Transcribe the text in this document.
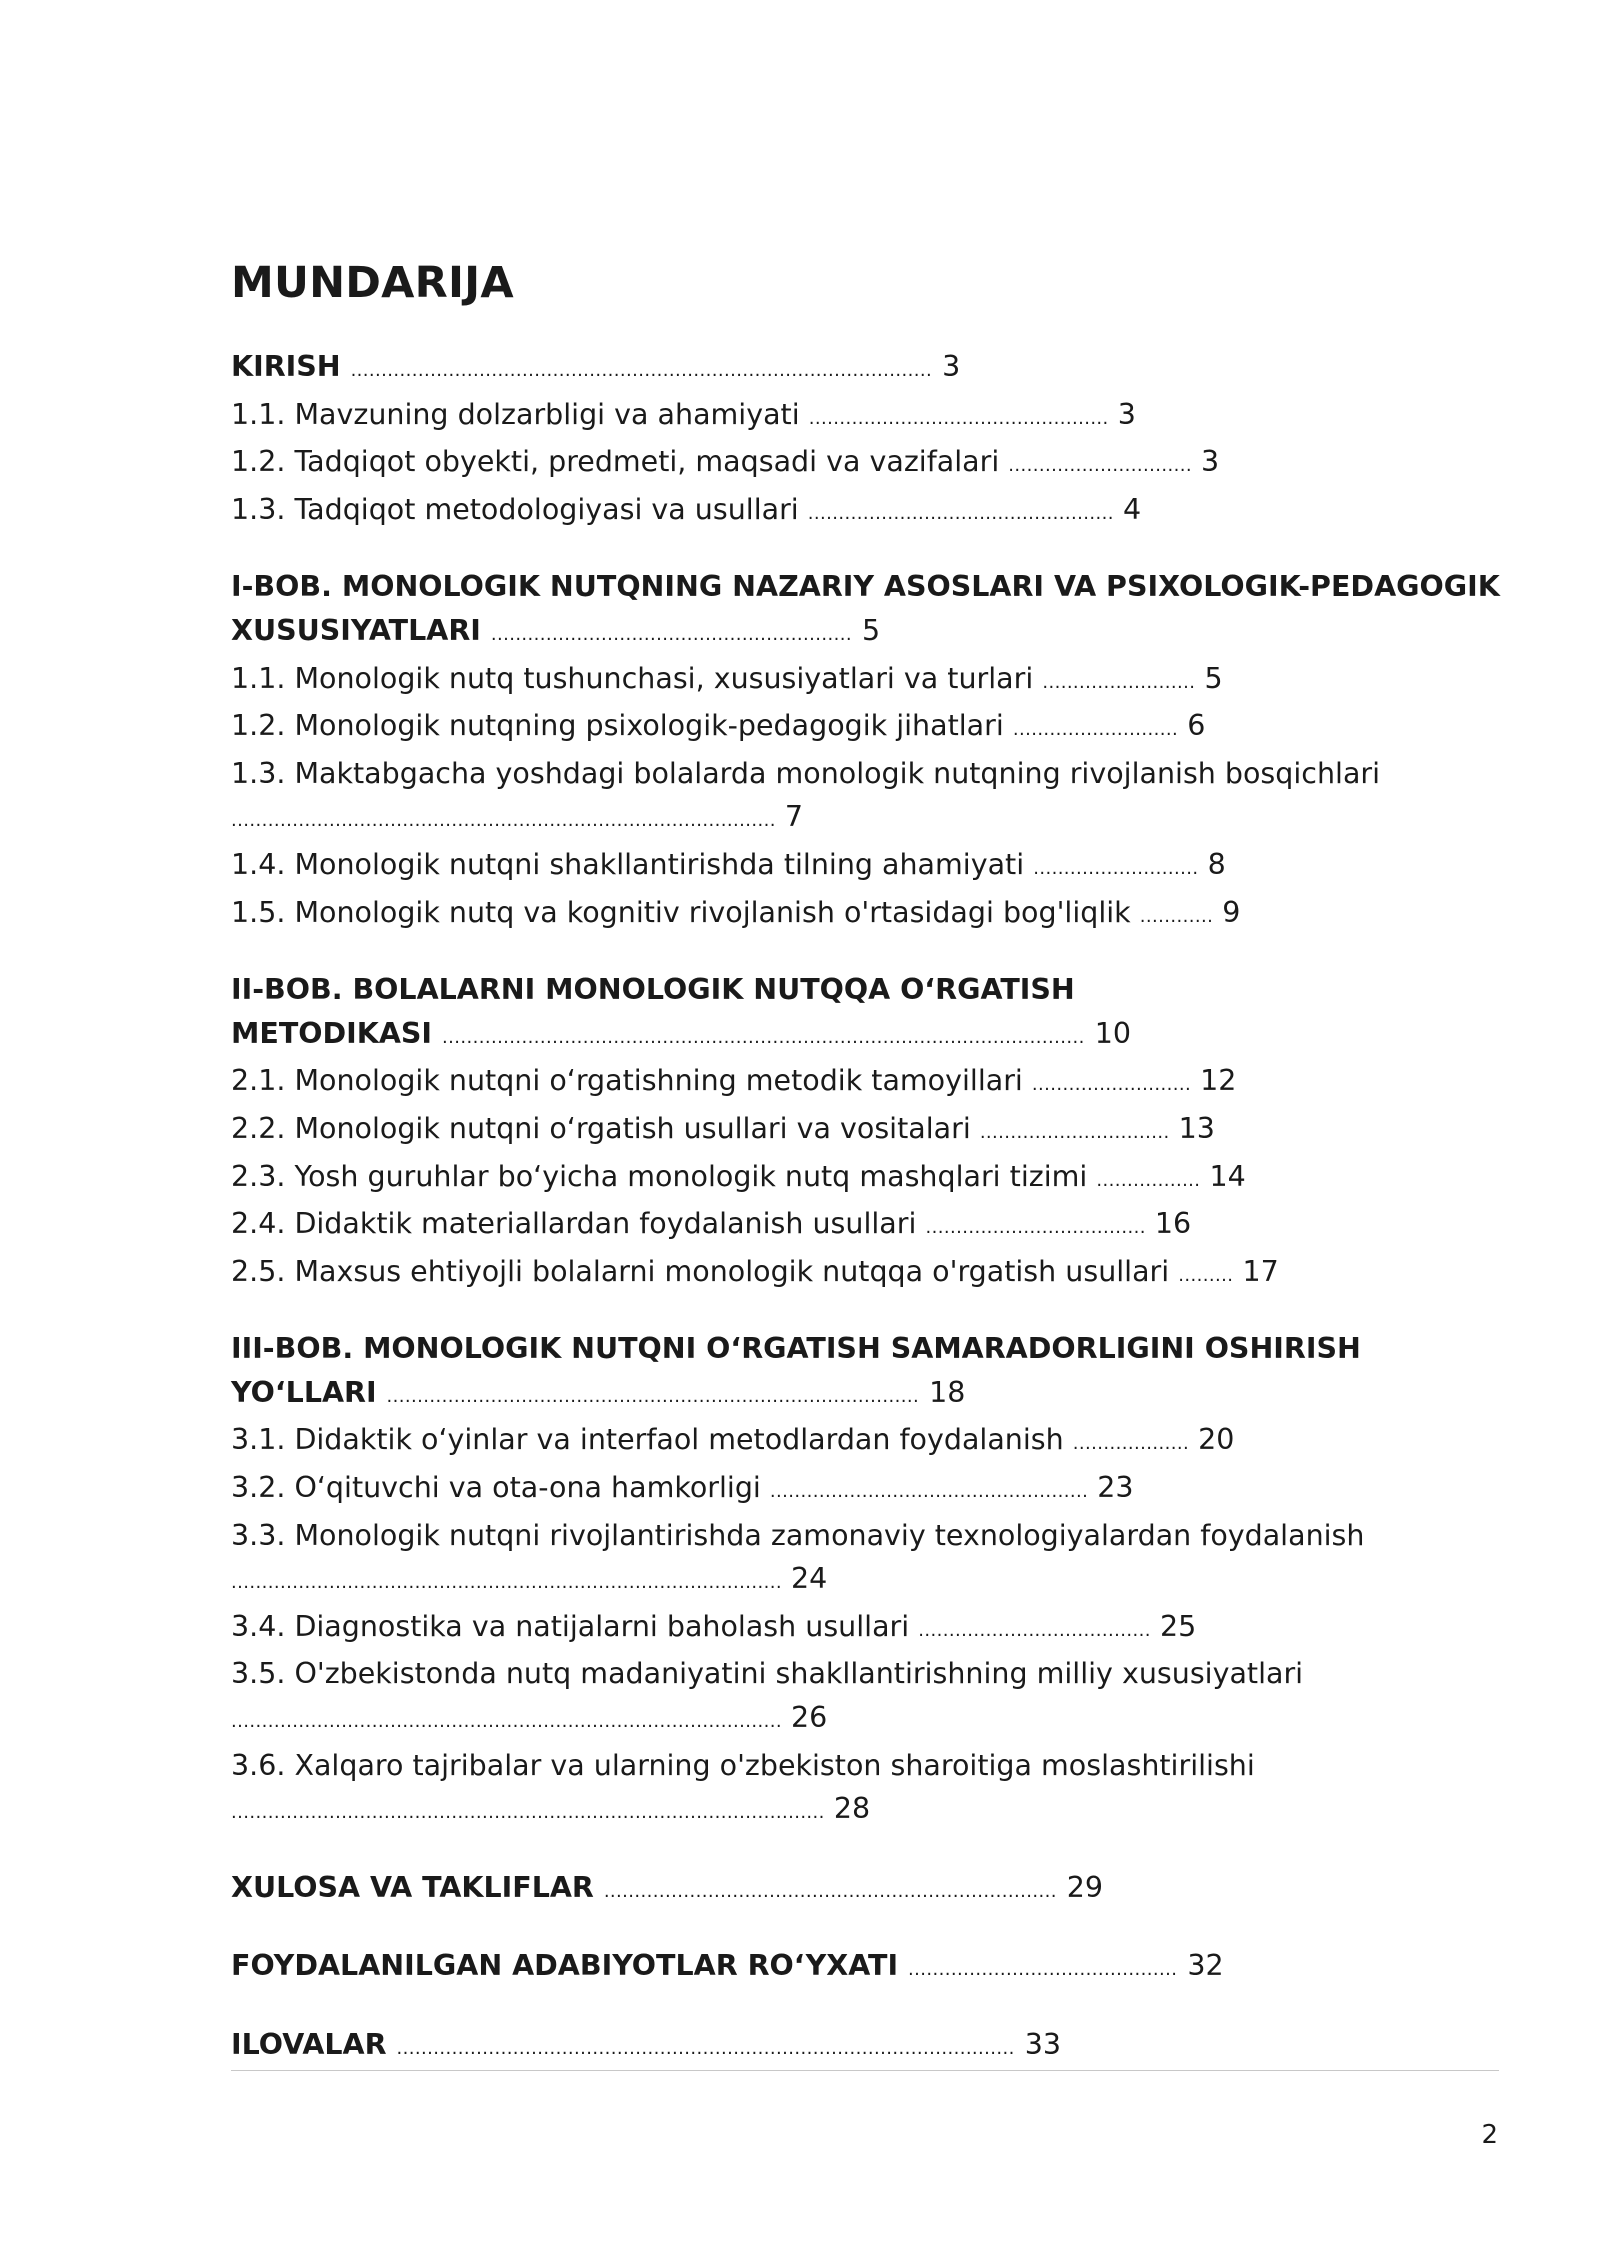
MUNDARIJA

KIRISH ............................................................................................... 3

1.1. Mavzuning dolzarbligi va ahamiyati ................................................. 3

1.2. Tadqiqot obyekti, predmeti, maqsadi va vazifalari .............................. 3

1.3. Tadqiqot metodologiyasi va usullari .................................................. 4

I-BOB. MONOLOGIK NUTQNING NAZARIY ASOSLARI VA PSIXOLOGIK-PEDAGOGIK

XUSUSIYATLARI ........................................................... 5

1.1. Monologik nutq tushunchasi, xususiyatlari va turlari ......................... 5

1.2. Monologik nutqning psixologik-pedagogik jihatlari ........................... 6

1.3. Maktabgacha yoshdagi bolalarda monologik nutqning rivojlanish bosqichlari

......................................................................................... 7

1.4. Monologik nutqni shakllantirishda tilning ahamiyati ........................... 8

1.5. Monologik nutq va kognitiv rivojlanish o'rtasidagi bog'liqlik ............ 9

II-BOB. BOLALARNI MONOLOGIK NUTQQA O‘RGATISH

METODIKASI ......................................................................................................... 10

2.1. Monologik nutqni o‘rgatishning metodik tamoyillari .......................... 12

2.2. Monologik nutqni o‘rgatish usullari va vositalari ............................... 13

2.3. Yosh guruhlar bo‘yicha monologik nutq mashqlari tizimi ................. 14

2.4. Didaktik materiallardan foydalanish usullari .................................... 16

2.5. Maxsus ehtiyojli bolalarni monologik nutqqa o'rgatish usullari ......... 17

III-BOB. MONOLOGIK NUTQNI O‘RGATISH SAMARADORLIGINI OSHIRISH

YO‘LLARI ....................................................................................... 18

3.1. Didaktik o‘yinlar va interfaol metodlardan foydalanish ................... 20

3.2. O‘qituvchi va ota-ona hamkorligi .................................................... 23

3.3. Monologik nutqni rivojlantirishda zamonaviy texnologiyalardan foydalanish

.......................................................................................... 24

3.4. Diagnostika va natijalarni baholash usullari ...................................... 25

3.5. O'zbekistonda nutq madaniyatini shakllantirishning milliy xususiyatlari

.......................................................................................... 26

3.6. Xalqaro tajribalar va ularning o'zbekiston sharoitiga moslashtirilishi

................................................................................................. 28

XULOSA VA TAKLIFLAR .......................................................................... 29

FOYDALANILGAN ADABIYOTLAR RO‘YXATI ............................................ 32

ILOVALAR ..................................................................................................... 33

2
